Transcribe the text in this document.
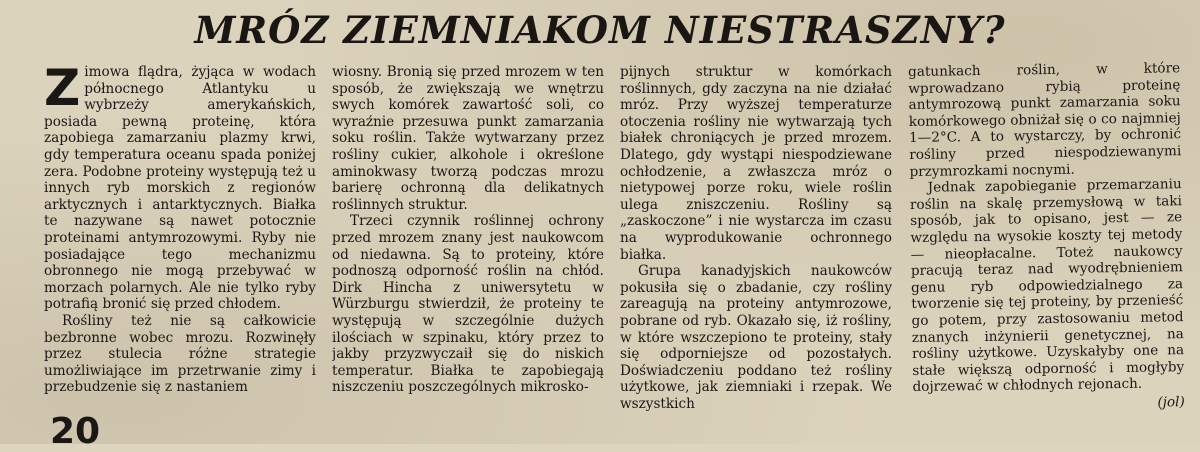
MRÓZ ZIEMNIAKOM NIESTRASZNY?

Zimowa flądra, żyjąca w wodach północnego Atlantyku u wybrzeży amerykańskich, posiada pewną proteinę, która zapobiega zamarzaniu plazmy krwi, gdy temperatura oceanu spada poniżej zera. Podobne proteiny występują też u innych ryb morskich z regionów arktycznych i antarktycznych. Białka te nazywane są nawet potocznie proteinami antymrozowymi. Ryby nie posiadające tego mechanizmu obronnego nie mogą przebywać w morzach polarnych. Ale nie tylko ryby potrafią bronić się przed chłodem.

Rośliny też nie są całkowicie bezbronne wobec mrozu. Rozwinęły przez stulecia różne strategie umożliwiające im przetrwanie zimy i przebudzenie się z nastaniem

wiosny. Bronią się przed mrozem w ten sposób, że zwiększają we wnętrzu swych komórek zawartość soli, co wyraźnie przesuwa punkt zamarzania soku roślin. Także wytwarzany przez rośliny cukier, alkohole i określone aminokwasy tworzą podczas mrozu barierę ochronną dla delikatnych roślinnych struktur.

Trzeci czynnik roślinnej ochrony przed mrozem znany jest naukowcom od niedawna. Są to proteiny, które podnoszą odporność roślin na chłód. Dirk Hincha z uniwersytetu w Würzburgu stwierdził, że proteiny te występują w szczególnie dużych ilościach w szpinaku, który przez to jakby przyzwyczaił się do niskich temperatur. Białka te zapobiegają niszczeniu poszczególnych mikrosko-

pijnych struktur w komórkach roślinnych, gdy zaczyna na nie działać mróz. Przy wyższej temperaturze otoczenia rośliny nie wytwarzają tych białek chroniących je przed mrozem. Dlatego, gdy wystąpi niespodziewane ochłodzenie, a zwłaszcza mróz o nietypowej porze roku, wiele roślin ulega zniszczeniu. Rośliny są „zaskoczone” i nie wystarcza im czasu na wyprodukowanie ochronnego białka.

Grupa kanadyjskich naukowców pokusiła się o zbadanie, czy rośliny zareagują na proteiny antymrozowe, pobrane od ryb. Okazało się, iż rośliny, w które wszczepiono te proteiny, stały się odporniejsze od pozostałych. Doświadczeniu poddano też rośliny użytkowe, jak ziemniaki i rzepak. We wszystkich

gatunkach roślin, w które wprowadzano rybią proteinę antymrozową punkt zamarzania soku komórkowego obniżał się o co najmniej 1—2°C. A to wystarczy, by ochronić rośliny przed niespodziewanymi przymrozkami nocnymi.

Jednak zapobieganie przemarzaniu roślin na skalę przemysłową w taki sposób, jak to opisano, jest — ze względu na wysokie koszty tej metody — nieopłacalne. Toteż naukowcy pracują teraz nad wyodrębnieniem genu ryb odpowiedzialnego za tworzenie się tej proteiny, by przenieść go potem, przy zastosowaniu metod znanych inżynierii genetycznej, na rośliny użytkowe. Uzyskałyby one na stałe większą odporność i mogłyby dojrzewać w chłodnych rejonach.

(jol)
20
